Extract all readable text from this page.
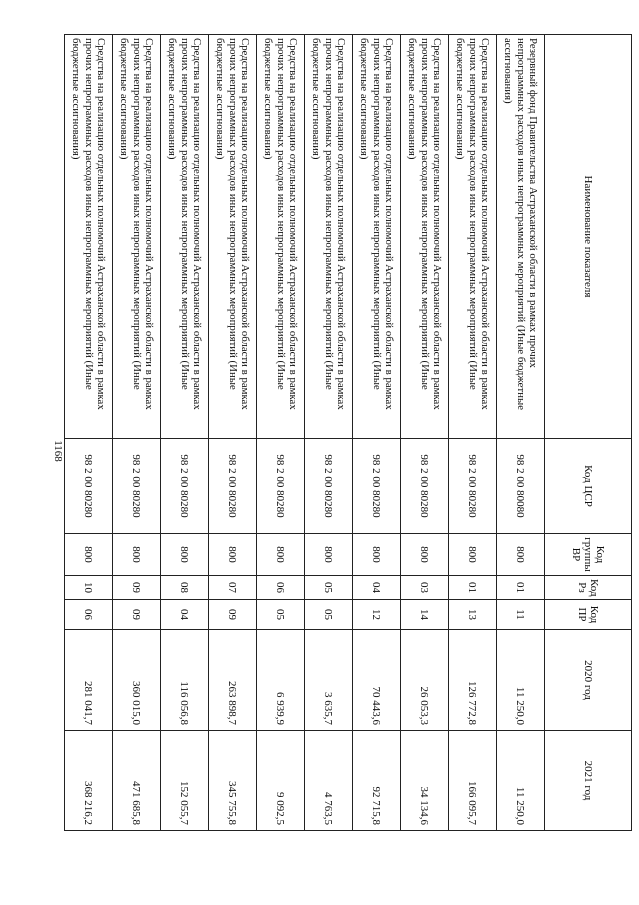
1168
Наименование показателя	Код ЦСР	Код группы ВР	Код Рз	Код ПР	2020 год	2021 год
Резервный фонд Правительства Астраханской области в рамках прочих непрограммных расходов иных непрограммных мероприятий (Иные бюджетные ассигнования)	98 2 00 80080	800	01	11	11 250,0	11 250,0
Средства на реализацию отдельных полномочий Астраханской области в рамках прочих непрограммных расходов иных непрограммных мероприятий (Иные бюджетные ассигнования)	98 2 00 80280	800	01	13	126 772,8	166 095,7
Средства на реализацию отдельных полномочий Астраханской области в рамках прочих непрограммных расходов иных непрограммных мероприятий (Иные бюджетные ассигнования)	98 2 00 80280	800	03	14	26 053,3	34 134,6
Средства на реализацию отдельных полномочий Астраханской области в рамках прочих непрограммных расходов иных непрограммных мероприятий (Иные бюджетные ассигнования)	98 2 00 80280	800	04	12	70 443,6	92 715,8
Средства на реализацию отдельных полномочий Астраханской области в рамках прочих непрограммных расходов иных непрограммных мероприятий (Иные бюджетные ассигнования)	98 2 00 80280	800	05	05	3 635,7	4 763,5
Средства на реализацию отдельных полномочий Астраханской области в рамках прочих непрограммных расходов иных непрограммных мероприятий (Иные бюджетные ассигнования)	98 2 00 80280	800	06	05	6 939,9	9 092,5
Средства на реализацию отдельных полномочий Астраханской области в рамках прочих непрограммных расходов иных непрограммных мероприятий (Иные бюджетные ассигнования)	98 2 00 80280	800	07	09	263 898,7	345 755,8
Средства на реализацию отдельных полномочий Астраханской области в рамках прочих непрограммных расходов иных непрограммных мероприятий (Иные бюджетные ассигнования)	98 2 00 80280	800	08	04	116 056,8	152 055,7
Средства на реализацию отдельных полномочий Астраханской области в рамках прочих непрограммных расходов иных непрограммных мероприятий (Иные бюджетные ассигнования)	98 2 00 80280	800	09	09	360 015,0	471 685,8
Средства на реализацию отдельных полномочий Астраханской области в рамках прочих непрограммных расходов иных непрограммных мероприятий (Иные бюджетные ассигнования)	98 2 00 80280	800	10	06	281 041,7	368 216,2
